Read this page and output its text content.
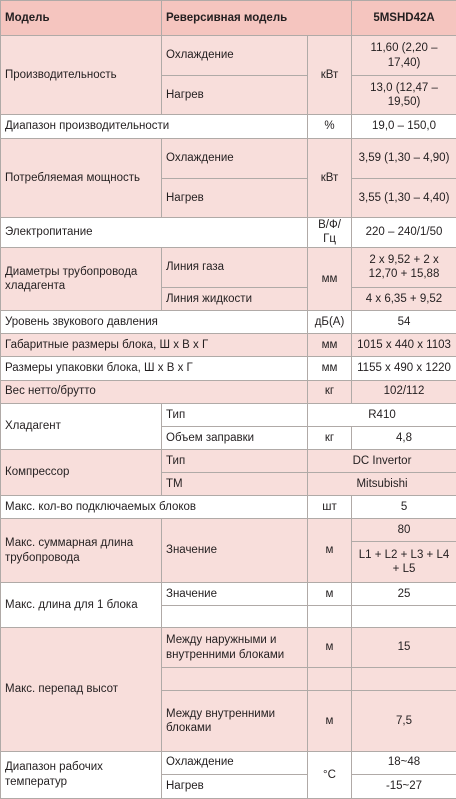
Модель	Реверсивная модель		5MSHD42A
Производительность	Охлаждение	кВт	11,60 (2,20 – 17,40)
	Нагрев		13,0 (12,47 – 19,50)
Диапазон производительности		%	19,0 – 150,0
Потребляемая мощность	Охлаждение	кВт	3,59 (1,30 – 4,90)
	Нагрев		3,55 (1,30 – 4,40)
Электропитание		В/Ф/Гц	220 – 240/1/50
Диаметры трубопровода хладагента	Линия газа	мм	2 x 9,52 + 2 x 12,70 + 15,88
	Линия жидкости		4 x 6,35 + 9,52
Уровень звукового давления		дБ(А)	54
Габаритные размеры блока, Ш x В x Г		мм	1015 x 440 x 1103
Размеры упаковки блока, Ш x В x Г		мм	1155 x 490 x 1220
Вес нетто/брутто		кг	102/112
Хладагент	Тип	R410	
	Объем заправки	кг	4,8
Компрессор	Тип	DC Invertor	
	ТМ	Mitsubishi	
Макс. кол-во подключаемых блоков		шт	5
Макс. суммарная длина трубопровода	Значение	м	80
			L1 + L2 + L3 + L4 + L5
Макс. длина для 1 блока	Значение	м	25

Макс. перепад высот	Между наружными и внутренними блоками	м	15

	Между внутренними блоками	м	7,5
Диапазон рабочих температур	Охлаждение	°C	18~48
	Нагрев		-15~27
